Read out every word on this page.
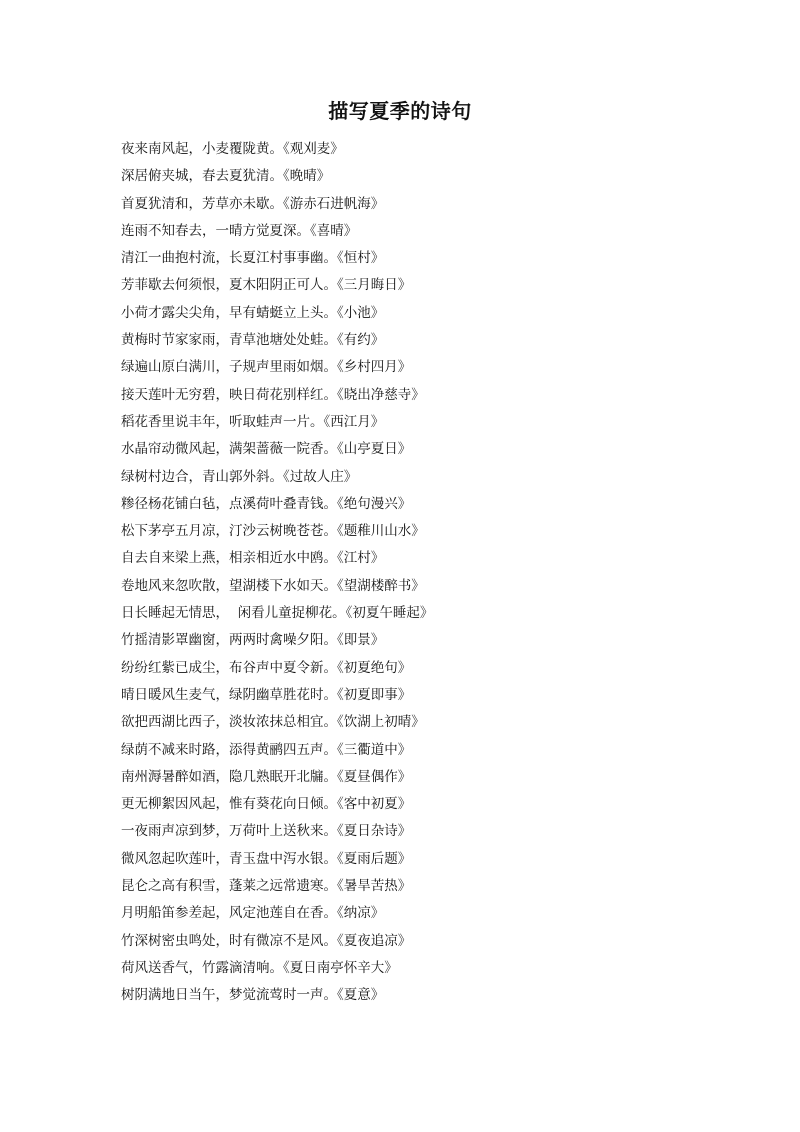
描写夏季的诗句
夜来南风起，小麦覆陇黄。《观刈麦》
深居俯夹城，春去夏犹清。《晚晴》
首夏犹清和，芳草亦未歇。《游赤石进帆海》
连雨不知春去，一晴方觉夏深。《喜晴》
清江一曲抱村流，长夏江村事事幽。《恒村》
芳菲歇去何须恨，夏木阳阴正可人。《三月晦日》
小荷才露尖尖角，早有蜻蜓立上头。《小池》
黄梅时节家家雨，青草池塘处处蛙。《有约》
绿遍山原白满川，子规声里雨如烟。《乡村四月》
接天莲叶无穷碧，映日荷花别样红。《晓出净慈寺》
稻花香里说丰年，听取蛙声一片。《西江月》
水晶帘动微风起，满架蔷薇一院香。《山亭夏日》
绿树村边合，青山郭外斜。《过故人庄》
糁径杨花铺白毡，点溪荷叶叠青钱。《绝句漫兴》
松下茅亭五月凉，汀沙云树晚苍苍。《题稚川山水》
自去自来梁上燕，相亲相近水中鸥。《江村》
卷地风来忽吹散，望湖楼下水如天。《望湖楼醉书》
日长睡起无情思，  闲看儿童捉柳花。《初夏午睡起》
竹摇清影罩幽窗，两两时禽噪夕阳。《即景》
纷纷红紫已成尘，布谷声中夏令新。《初夏绝句》
晴日暖风生麦气，绿阴幽草胜花时。《初夏即事》
欲把西湖比西子，淡妆浓抹总相宜。《饮湖上初晴》
绿荫不减来时路，添得黄鹂四五声。《三衢道中》
南州溽暑醉如酒，隐几熟眠开北牖。《夏昼偶作》
更无柳絮因风起，惟有葵花向日倾。《客中初夏》
一夜雨声凉到梦，万荷叶上送秋来。《夏日杂诗》
微风忽起吹莲叶，青玉盘中泻水银。《夏雨后题》
昆仑之高有积雪，蓬莱之远常遗寒。《暑旱苦热》
月明船笛参差起，风定池莲自在香。《纳凉》
竹深树密虫鸣处，时有微凉不是风。《夏夜追凉》
荷风送香气，竹露滴清响。《夏日南亭怀辛大》
树阴满地日当午，梦觉流莺时一声。《夏意》
